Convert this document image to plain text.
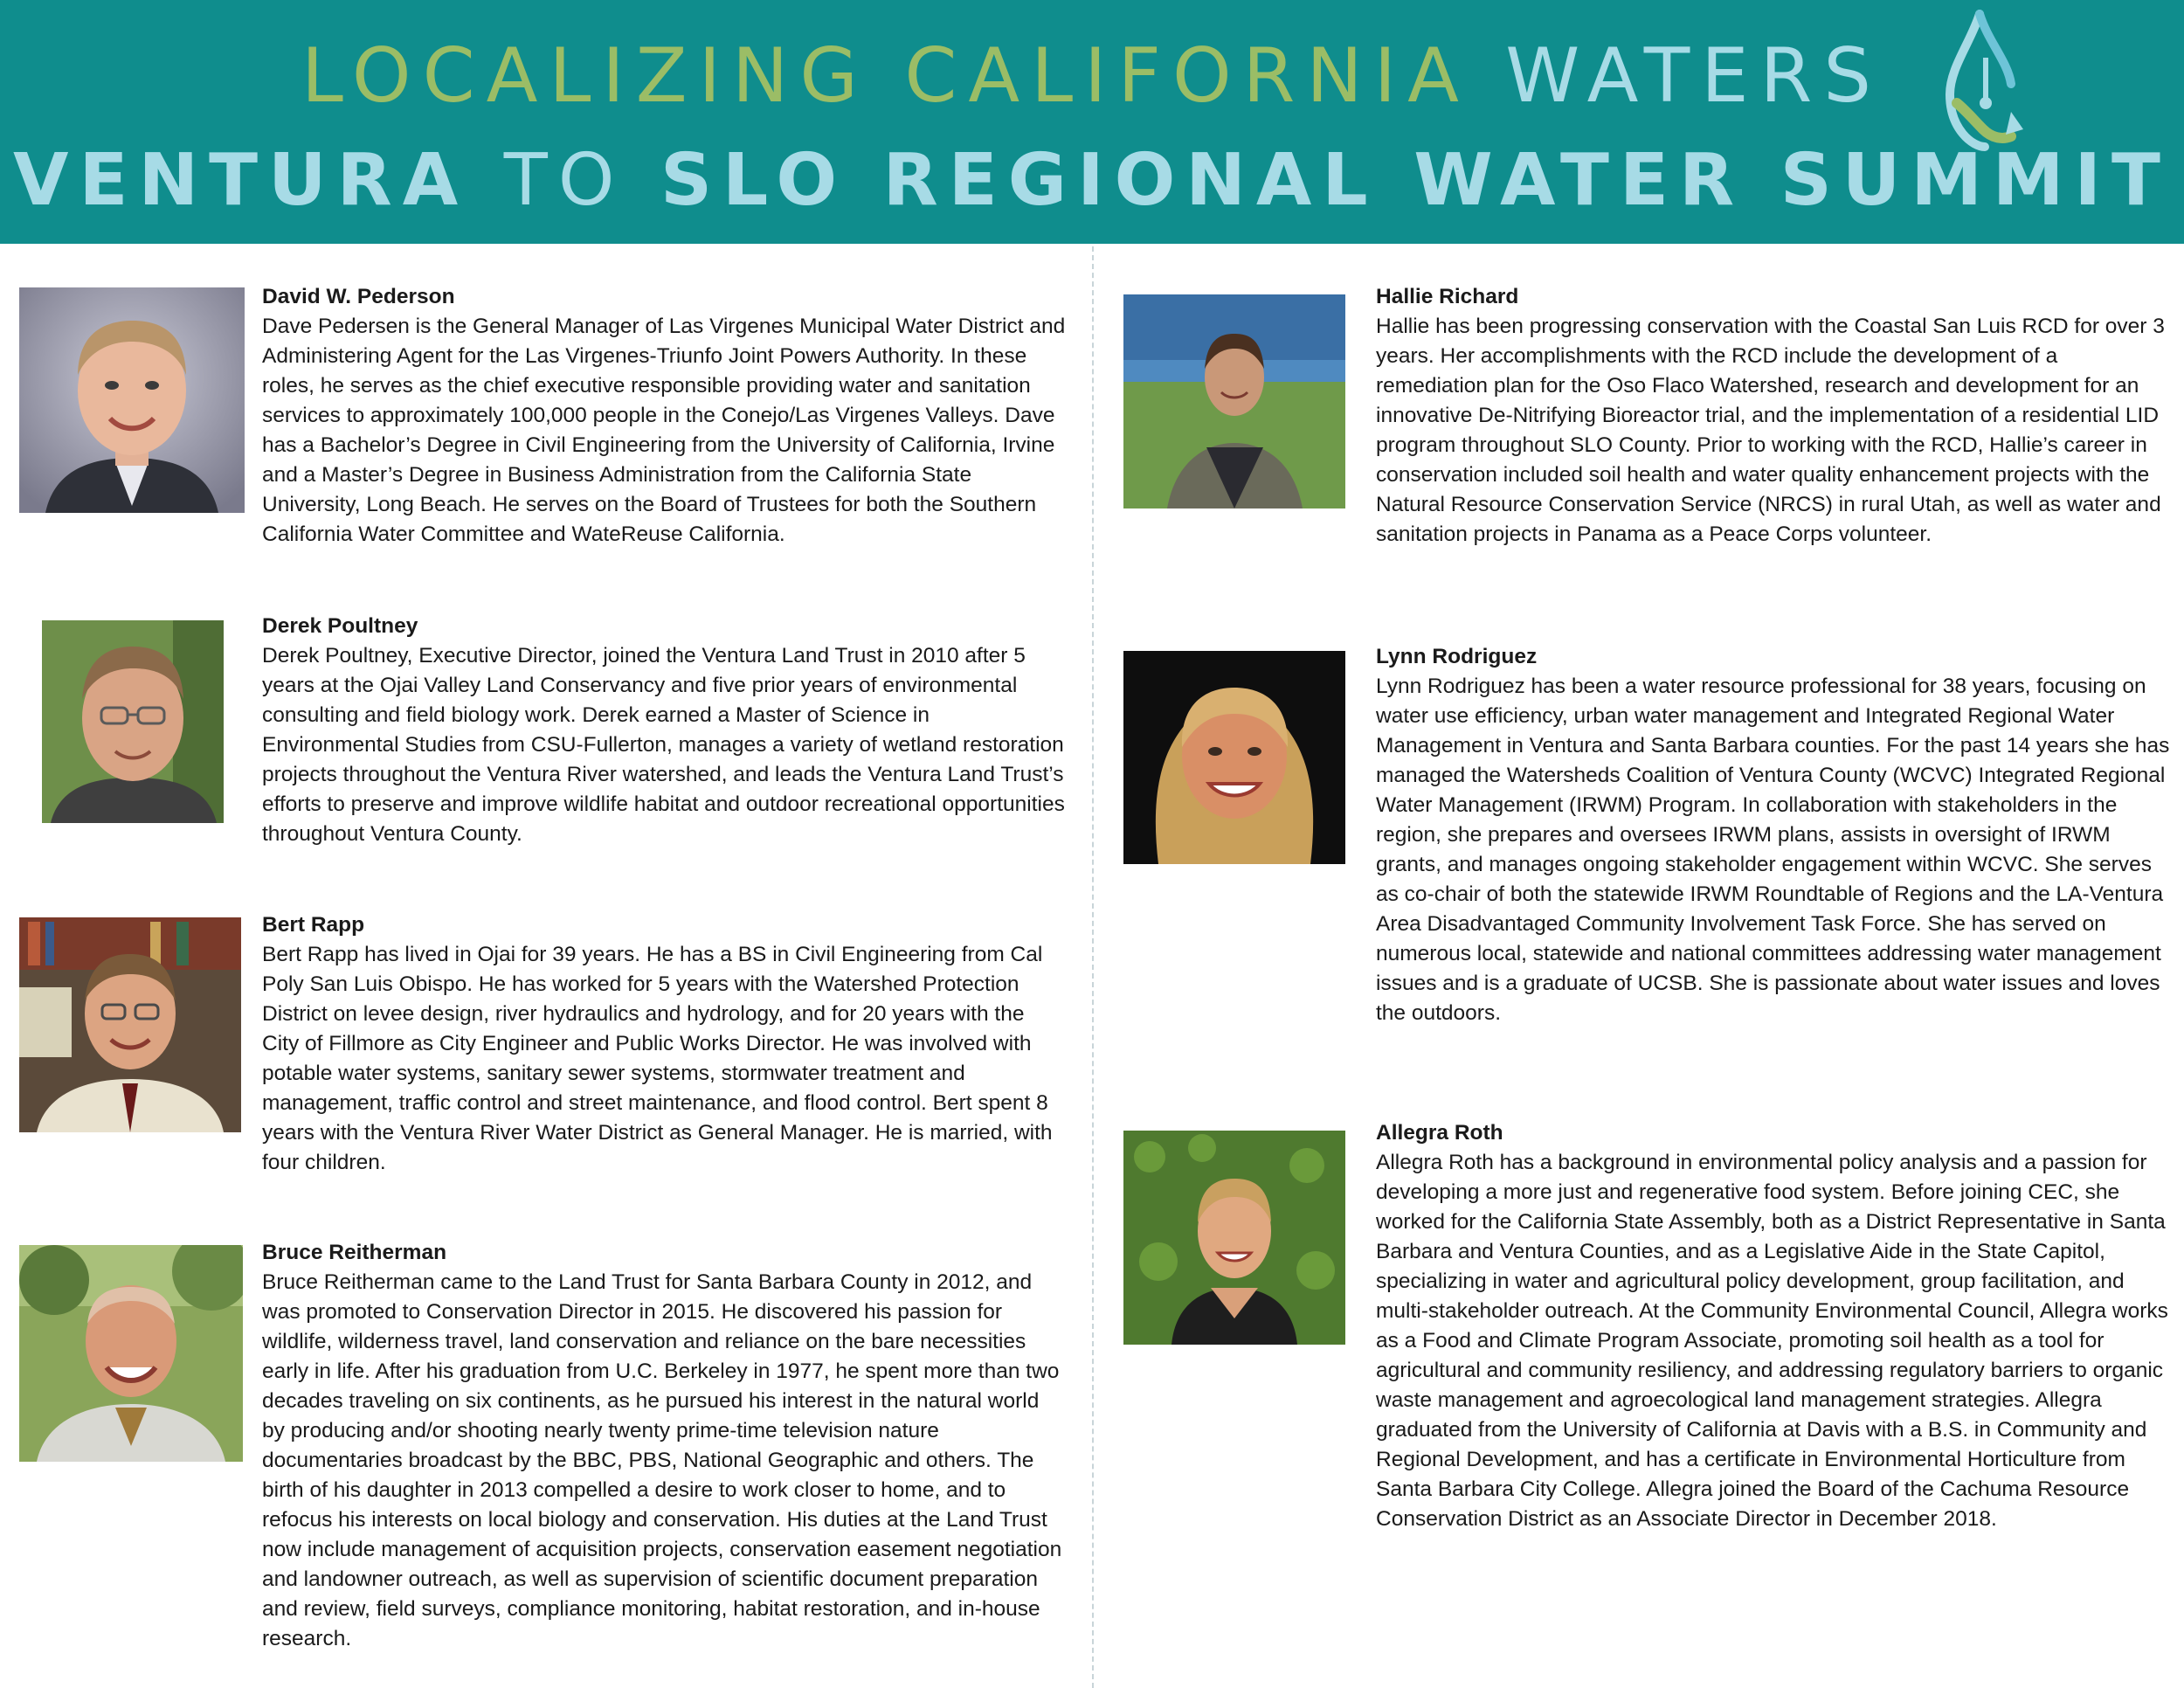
LOCALIZING CALIFORNIA WATERS
VENTURA TO SLO REGIONAL WATER SUMMIT
David W. Pederson
Dave Pedersen is the General Manager of Las Virgenes Municipal Water District and Administering Agent for the Las Virgenes-Triunfo Joint Powers Authority. In these roles, he serves as the chief executive responsible providing water and sanitation services to approximately 100,000 people in the Conejo/Las Virgenes Valleys. Dave has a Bachelor’s Degree in Civil Engineering from the University of California, Irvine and a Master’s Degree in Business Administration from the California State University, Long Beach. He serves on the Board of Trustees for both the Southern California Water Committee and WateReuse California.
Derek Poultney
Derek Poultney, Executive Director, joined the Ventura Land Trust in 2010 after 5 years at the Ojai Valley Land Conservancy and five prior years of environmental consulting and field biology work. Derek earned a Master of Science in Environmental Studies from CSU-Fullerton, manages a variety of wetland restoration projects throughout the Ventura River watershed, and leads the Ventura Land Trust’s efforts to preserve and improve wildlife habitat and outdoor recreational opportunities throughout Ventura County.
Bert Rapp
Bert Rapp has lived in Ojai for 39 years. He has a BS in Civil Engineering from Cal Poly San Luis Obispo. He has worked for 5 years with the Watershed Protection District on levee design, river hydraulics and hydrology, and for 20 years with the City of Fillmore as City Engineer and Public Works Director. He was involved with potable water systems, sanitary sewer systems, stormwater treatment and management, traffic control and street maintenance, and flood control. Bert spent 8 years with the Ventura River Water District as General Manager. He is married, with four children.
Bruce Reitherman
Bruce Reitherman came to the Land Trust for Santa Barbara County in 2012, and was promoted to Conservation Director in 2015. He discovered his passion for wildlife, wilderness travel, land conservation and reliance on the bare necessities early in life. After his graduation from U.C. Berkeley in 1977, he spent more than two decades traveling on six continents, as he pursued his interest in the natural world by producing and/or shooting nearly twenty prime-time television nature documentaries broadcast by the BBC, PBS, National Geographic and others. The birth of his daughter in 2013 compelled a desire to work closer to home, and to refocus his interests on local biology and conservation. His duties at the Land Trust now include management of acquisition projects, conservation easement negotiation and landowner outreach, as well as supervision of scientific document preparation and review, field surveys, compliance monitoring, habitat restoration, and in-house research.
Hallie Richard
Hallie has been progressing conservation with the Coastal San Luis RCD for over 3 years. Her accomplishments with the RCD include the development of a remediation plan for the Oso Flaco Watershed, research and development for an innovative De-Nitrifying Bioreactor trial, and the implementation of a residential LID program throughout SLO County. Prior to working with the RCD, Hallie’s career in conservation included soil health and water quality enhancement projects with the Natural Resource Conservation Service (NRCS) in rural Utah, as well as water and sanitation projects in Panama as a Peace Corps volunteer.
Lynn Rodriguez
Lynn Rodriguez has been a water resource professional for 38 years, focusing on water use efficiency, urban water management and Integrated Regional Water Management in Ventura and Santa Barbara counties. For the past 14 years she has managed the Watersheds Coalition of Ventura County (WCVC) Integrated Regional Water Management (IRWM) Program. In collaboration with stakeholders in the region, she prepares and oversees IRWM plans, assists in oversight of IRWM grants, and manages ongoing stakeholder engagement within WCVC. She serves as co-chair of both the statewide IRWM Roundtable of Regions and the LA-Ventura Area Disadvantaged Community Involvement Task Force. She has served on numerous local, statewide and national committees addressing water management issues and is a graduate of UCSB. She is passionate about water issues and loves the outdoors.
Allegra Roth
Allegra Roth has a background in environmental policy analysis and a passion for developing a more just and regenerative food system. Before joining CEC, she worked for the California State Assembly, both as a District Representative in Santa Barbara and Ventura Counties, and as a Legislative Aide in the State Capitol, specializing in water and agricultural policy development, group facilitation, and multi-stakeholder outreach. At the Community Environmental Council, Allegra works as a Food and Climate Program Associate, promoting soil health as a tool for agricultural and community resiliency, and addressing regulatory barriers to organic waste management and agroecological land management strategies. Allegra graduated from the University of California at Davis with a B.S. in Community and Regional Development, and has a certificate in Environmental Horticulture from Santa Barbara City College. Allegra joined the Board of the Cachuma Resource Conservation District as an Associate Director in December 2018.
